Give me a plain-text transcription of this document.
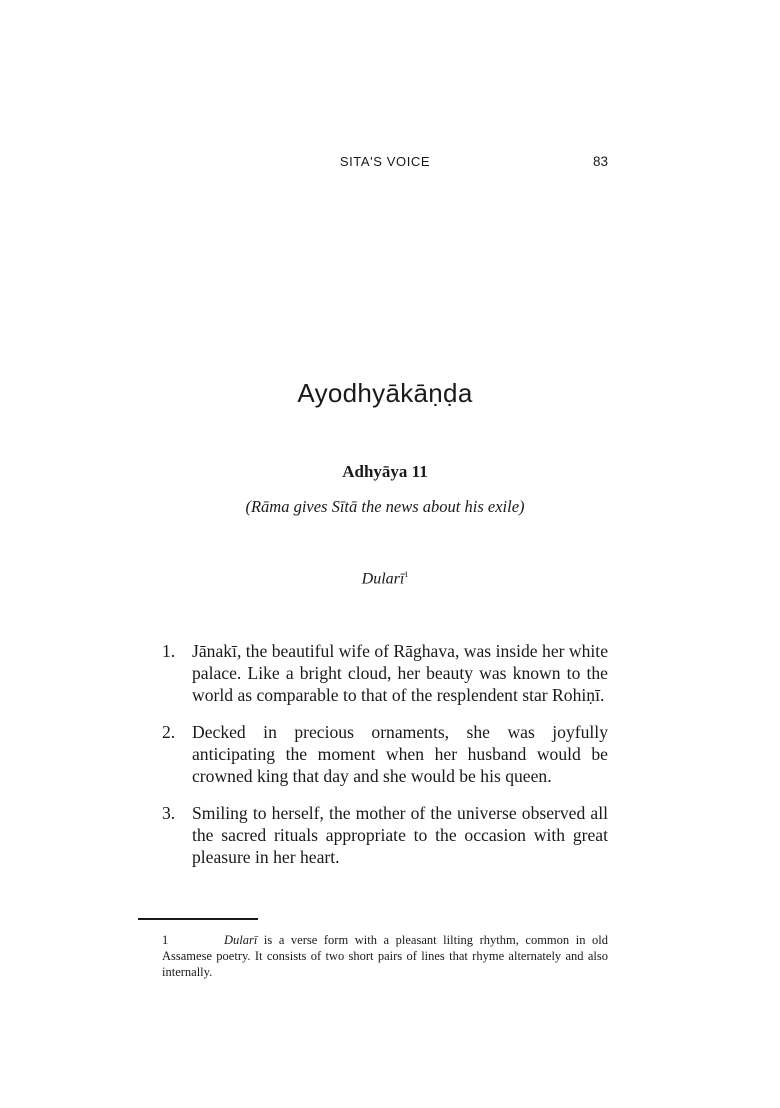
SITA'S VOICE	83
Ayodhyākāṇḍa
Adhyāya 11
(Rāma gives Sītā the news about his exile)
Dularī$^1$
1. Jānakī, the beautiful wife of Rāghava, was inside her white palace. Like a bright cloud, her beauty was known to the world as comparable to that of the resplendent star Rohiṇī.
2. Decked in precious ornaments, she was joyfully anticipating the moment when her husband would be crowned king that day and she would be his queen.
3. Smiling to herself, the mother of the universe observed all the sacred rituals appropriate to the occasion with great pleasure in her heart.
1	Dularī is a verse form with a pleasant lilting rhythm, common in old Assamese poetry. It consists of two short pairs of lines that rhyme alternately and also internally.
